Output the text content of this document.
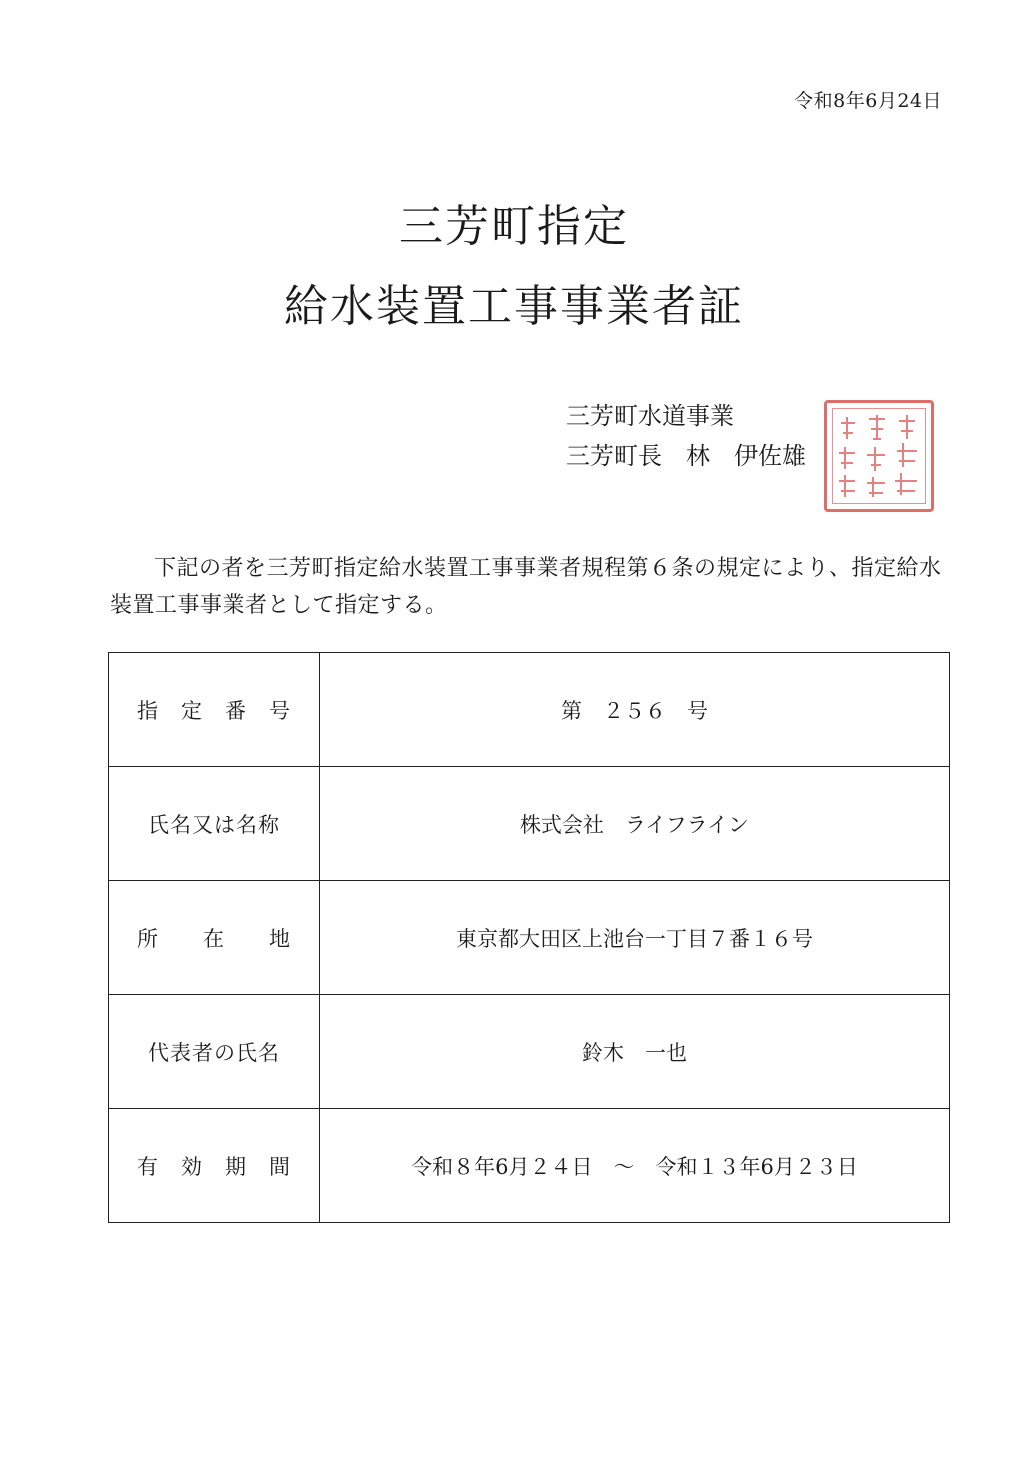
令和8年6月24日
三芳町指定
給水装置工事事業者証
三芳町水道事業
三芳町長　林　伊佐雄
下記の者を三芳町指定給水装置工事事業者規程第６条の規定により、指定給水装置工事事業者として指定する。
指　定　番　号	第　２５６　号
氏名又は名称	株式会社　ライフライン
所　　在　　地	東京都大田区上池台一丁目７番１６号
代表者の氏名	鈴木　一也
有　効　期　間	令和８年6月２４日　～　令和１３年6月２３日
